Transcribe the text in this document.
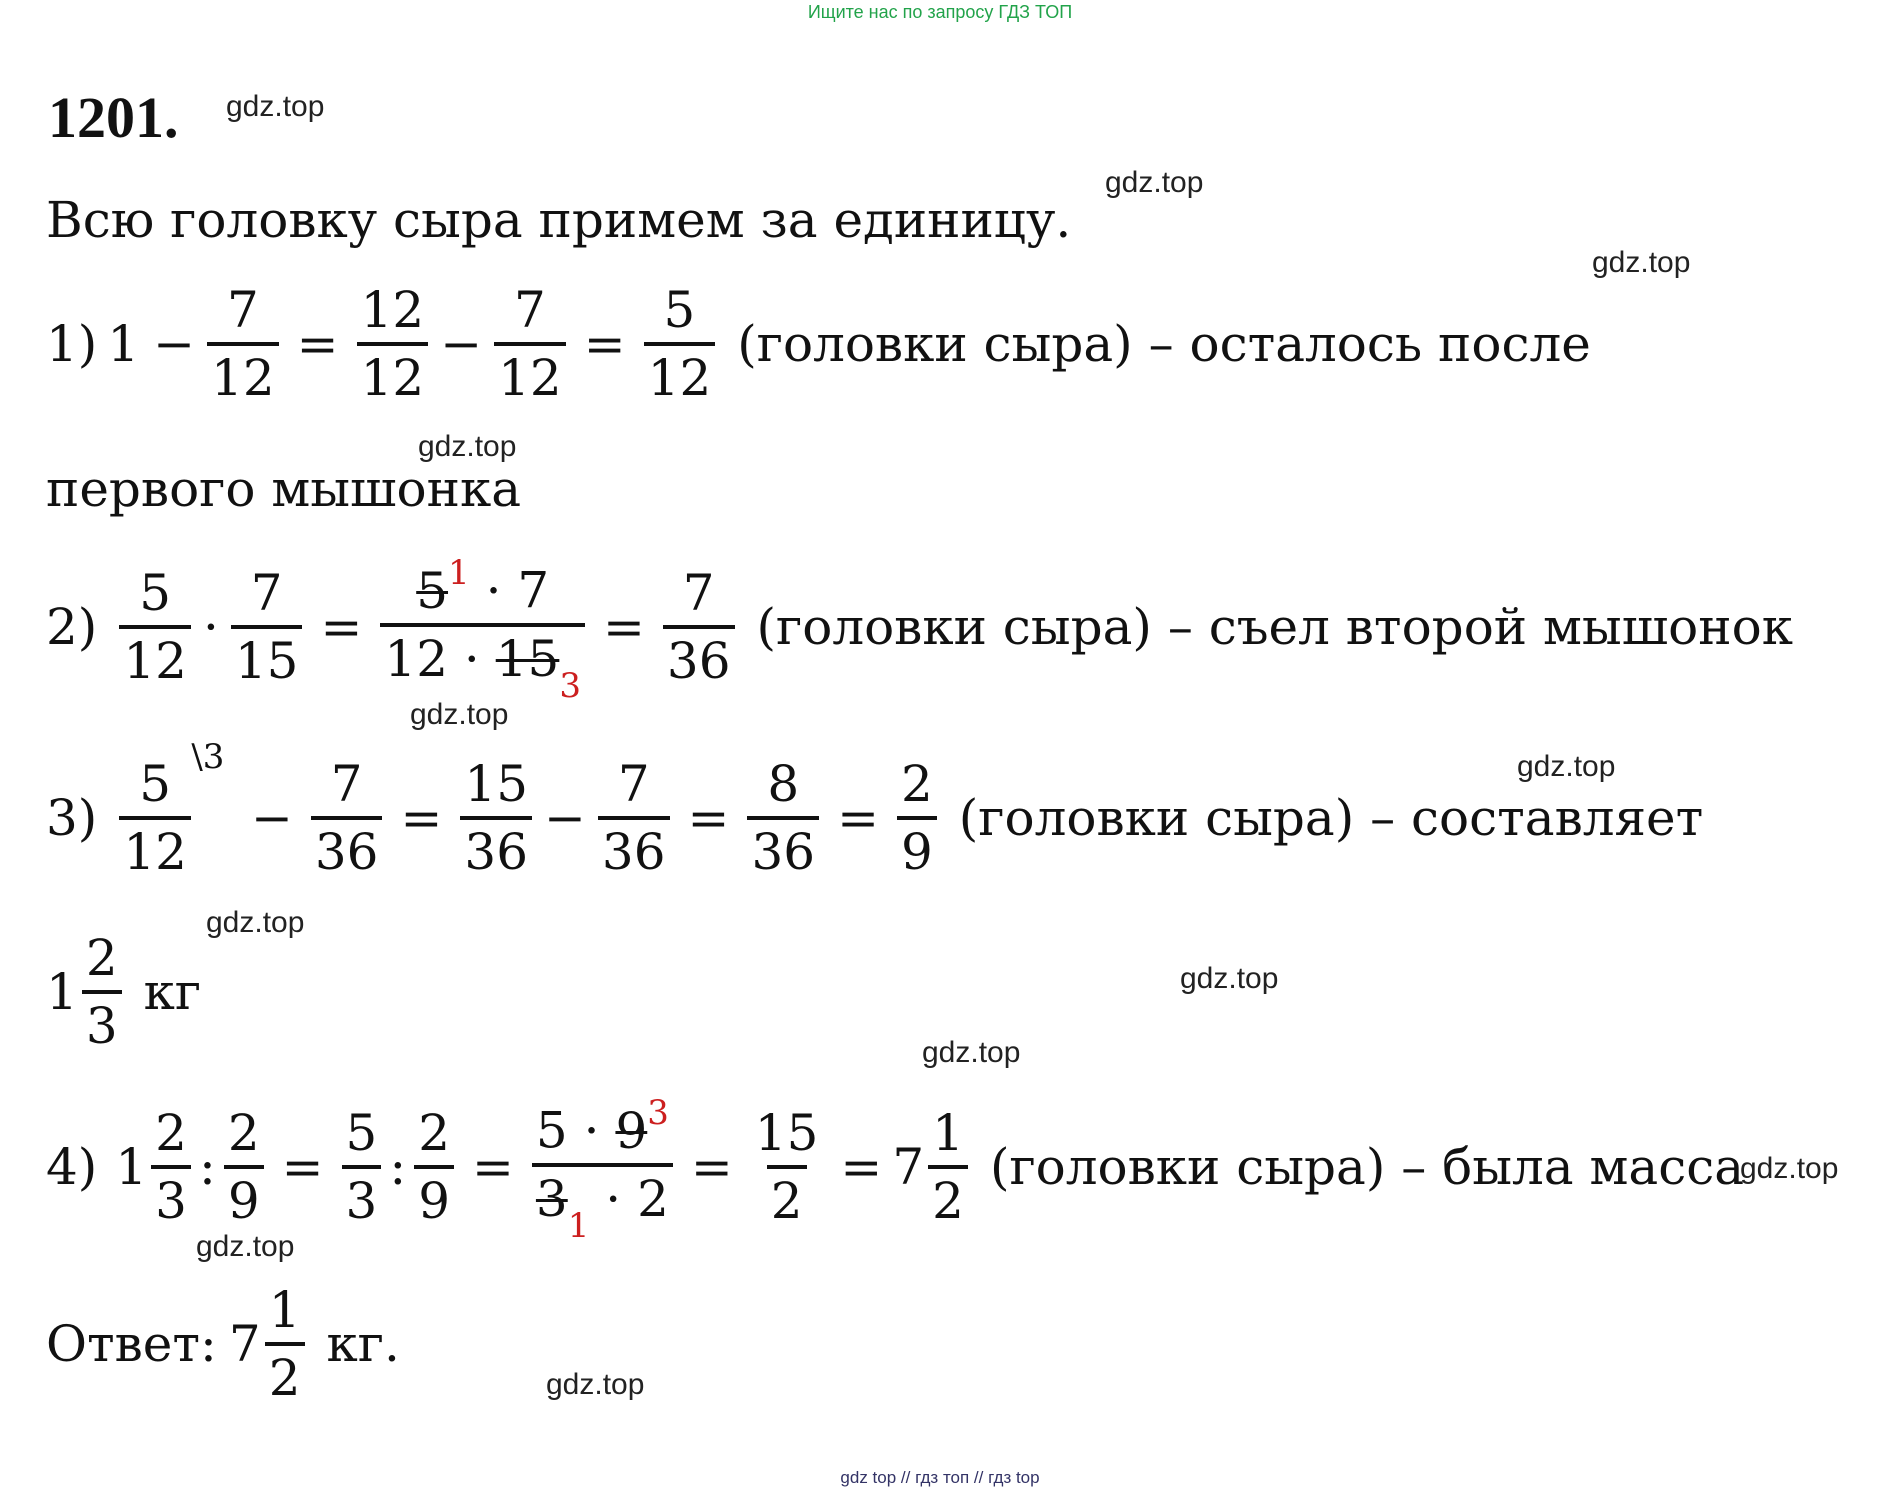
Ищите нас по запросу ГДЗ ТОП
1201. gdz.top
gdz.top
gdz.top
gdz.top
gdz.top
gdz.top
gdz.top
gdz.top
gdz.top
gdz.top
gdz.top
gdz.top
Всю головку сыра примем за единицу.
1) $1 - \frac{7}{12} = \frac{12}{12} - \frac{7}{12} = \frac{5}{12}$ (головки сыра) – осталось после
первого мышонка
$2) \frac{5}{12} \cdot \frac{7}{15} = \frac{5^1 \cdot 7}{12 \cdot 15_3} = \frac{7}{36}$ (головки сыра) – съел второй мышонок
3)
5
12
\3
− $\frac{7}{36} = \frac{15}{36} - \frac{7}{36} = \frac{8}{36} = \frac{2}{9}$ (головки сыра) – составляет
$1 \frac{2}{3}$ кг
4) $1 \frac{2}{3}$ : $\frac{2}{9} = \frac{5}{3}$ : $\frac{2}{9} = \frac{5 \cdot 9^3}{3_1 \cdot 2} = \frac{15}{2} = 7 \frac{1}{2}$ (головки сыра) – была масса
Ответ: $7 \frac{1}{2}$ кг.
gdz top // гдз топ // гдз top
